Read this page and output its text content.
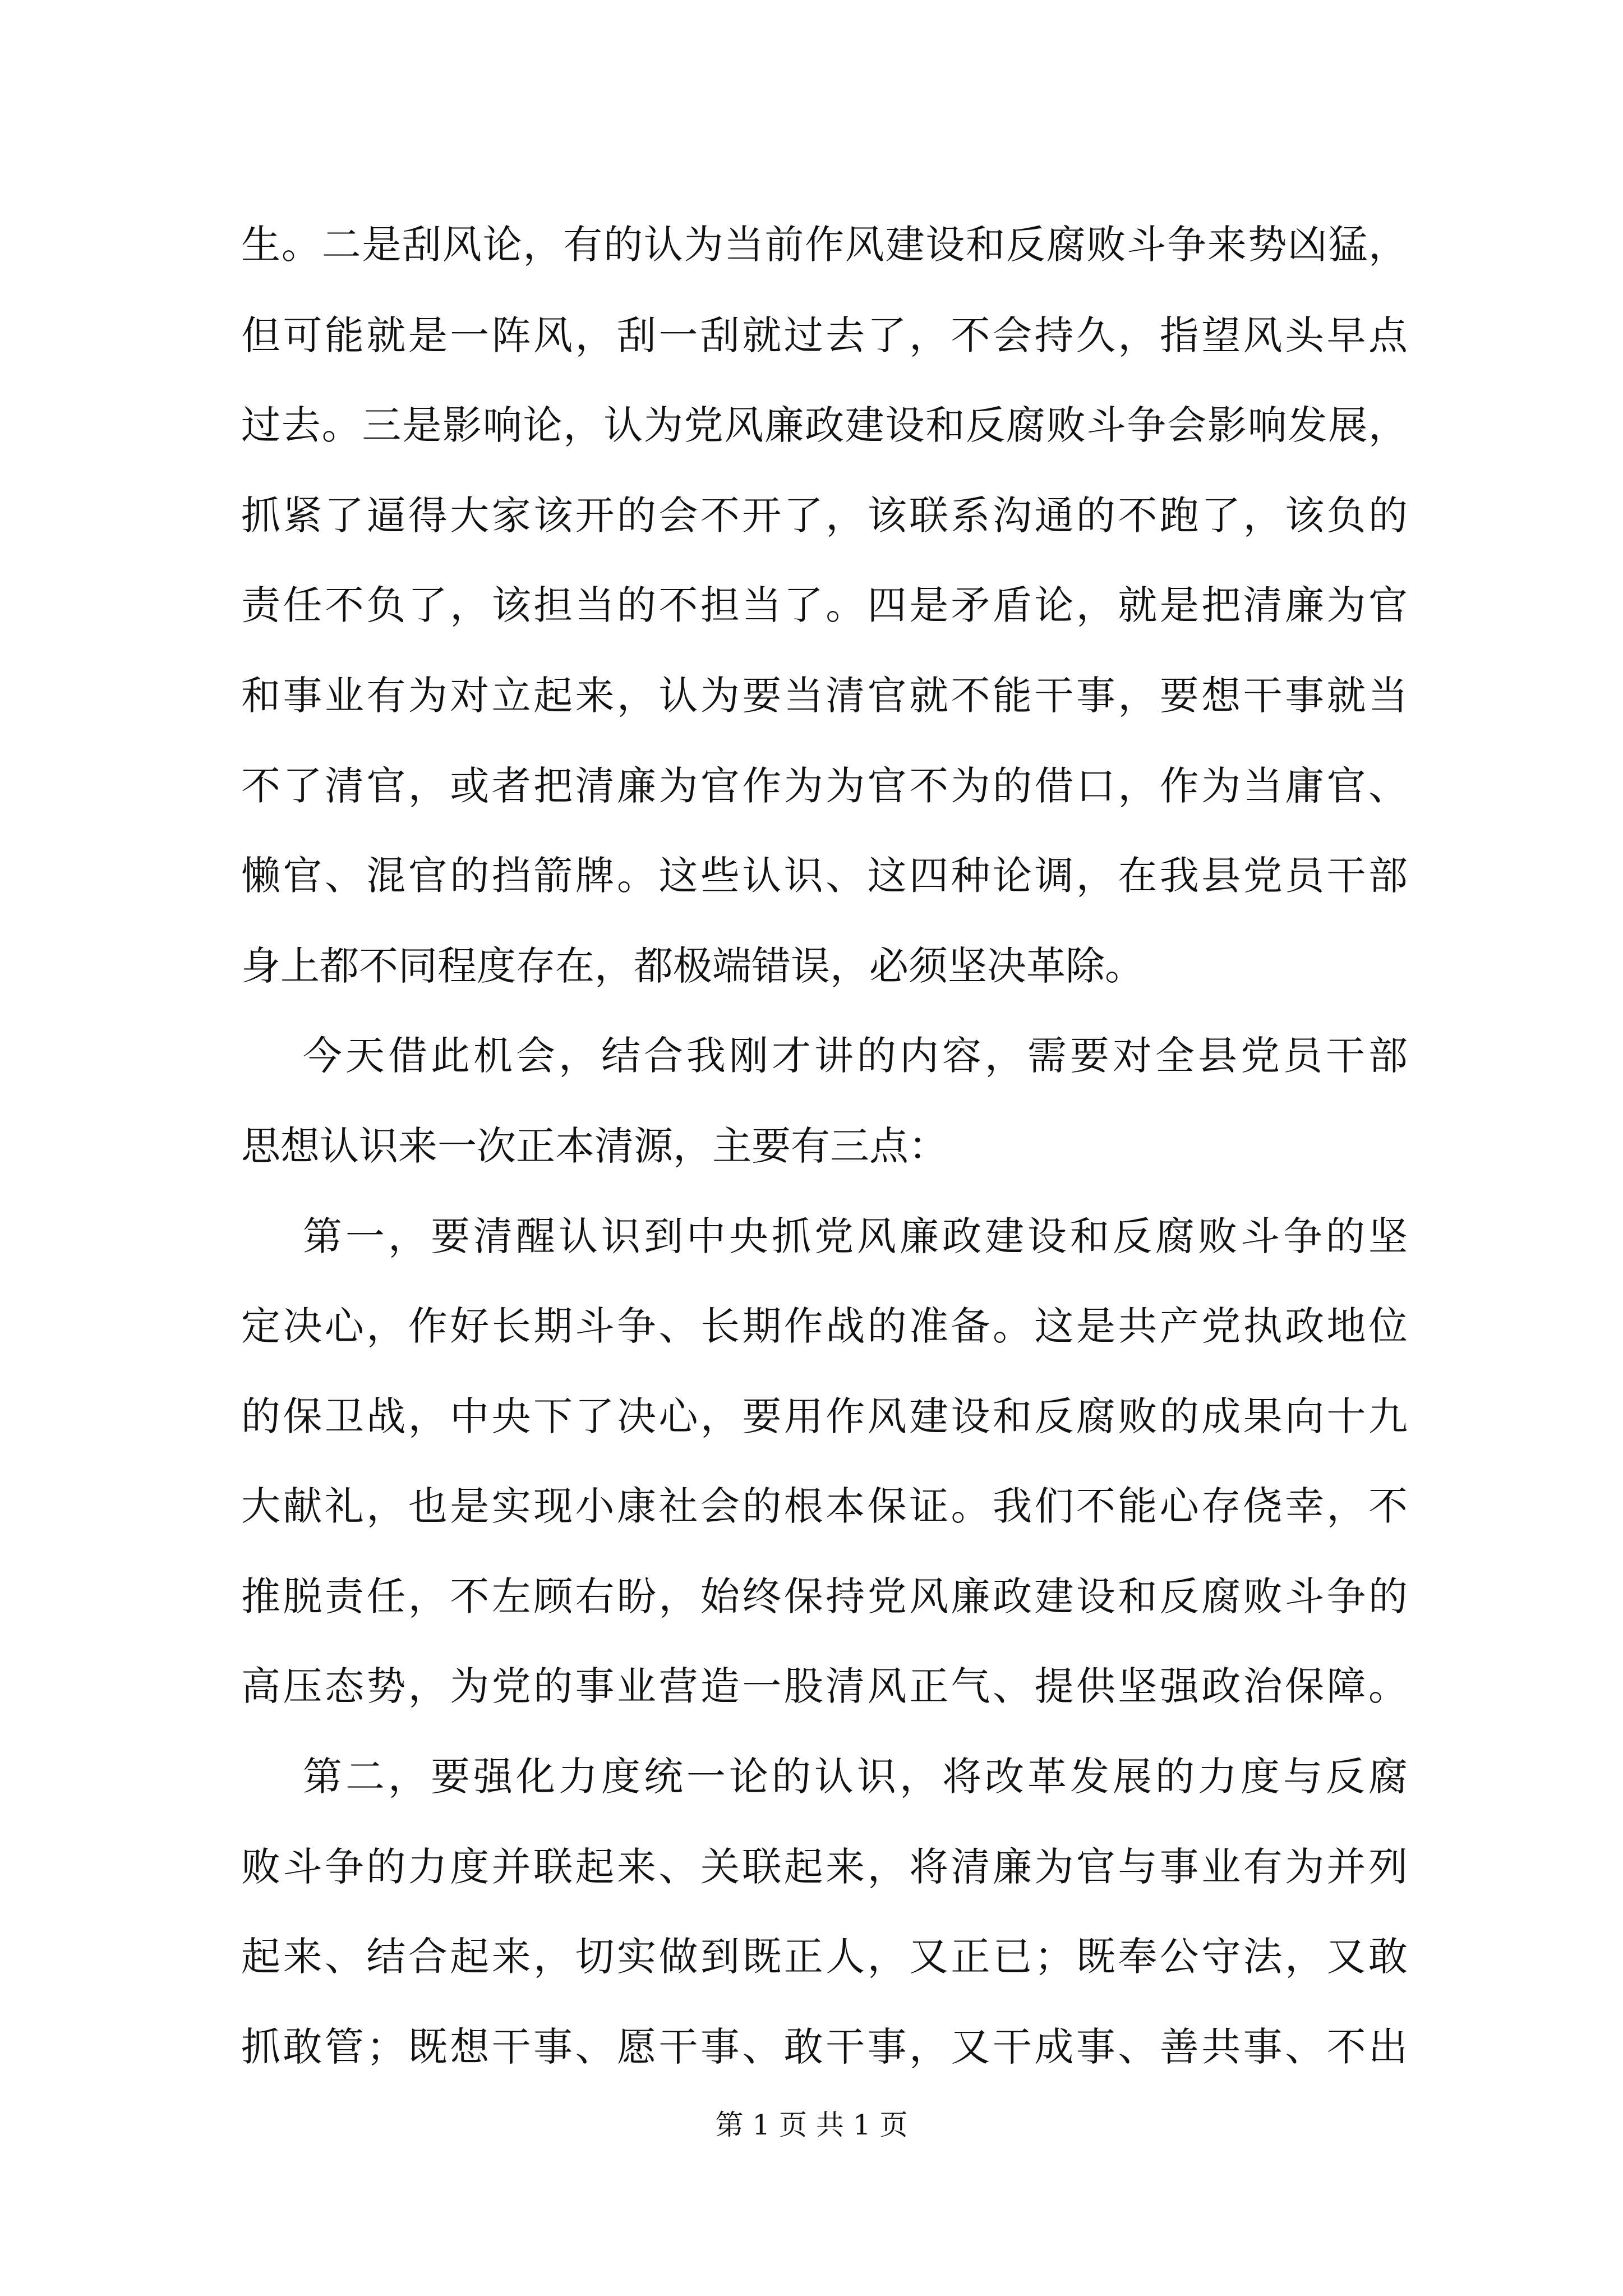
生。二是刮风论，有的认为当前作风建设和反腐败斗争来势凶猛，
但可能就是一阵风，刮一刮就过去了，不会持久，指望风头早点
过去。三是影响论，认为党风廉政建设和反腐败斗争会影响发展，
抓紧了逼得大家该开的会不开了，该联系沟通的不跑了，该负的
责任不负了，该担当的不担当了。四是矛盾论，就是把清廉为官
和事业有为对立起来，认为要当清官就不能干事，要想干事就当
不了清官，或者把清廉为官作为为官不为的借口，作为当庸官、
懒官、混官的挡箭牌。这些认识、这四种论调，在我县党员干部
身上都不同程度存在，都极端错误，必须坚决革除。
今天借此机会，结合我刚才讲的内容，需要对全县党员干部
思想认识来一次正本清源，主要有三点：
第一，要清醒认识到中央抓党风廉政建设和反腐败斗争的坚
定决心，作好长期斗争、长期作战的准备。这是共产党执政地位
的保卫战，中央下了决心，要用作风建设和反腐败的成果向十九
大献礼，也是实现小康社会的根本保证。我们不能心存侥幸，不
推脱责任，不左顾右盼，始终保持党风廉政建设和反腐败斗争的
高压态势，为党的事业营造一股清风正气、提供坚强政治保障。
第二，要强化力度统一论的认识，将改革发展的力度与反腐
败斗争的力度并联起来、关联起来，将清廉为官与事业有为并列
起来、结合起来，切实做到既正人，又正已；既奉公守法，又敢
抓敢管；既想干事、愿干事、敢干事，又干成事、善共事、不出
第 1 页 共 1 页
